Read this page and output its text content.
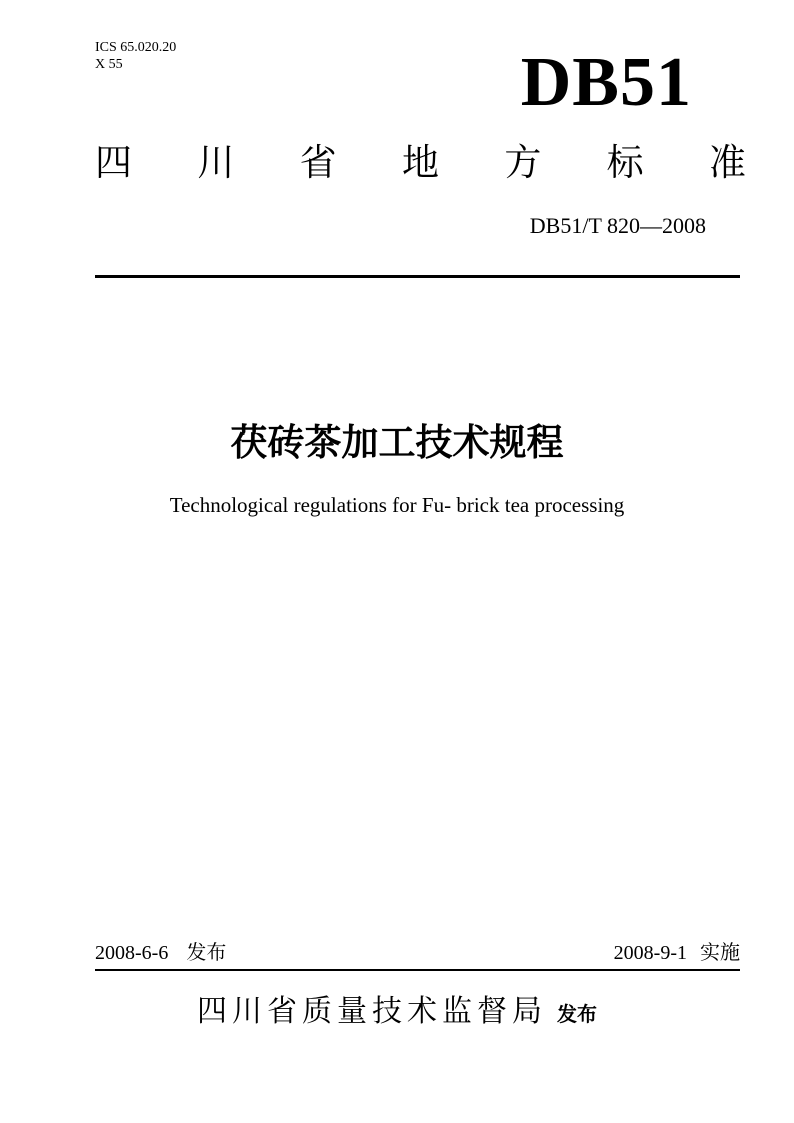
ICS 65.020.20
X 55	DB51
四 川 省 地 方 标 准
DB51/T 820—2008
茯砖茶加工技术规程
Technological regulations for Fu- brick tea processing
2008-6-6 发布	2008-9-1 实施
四川省质量技术监督局 发布
